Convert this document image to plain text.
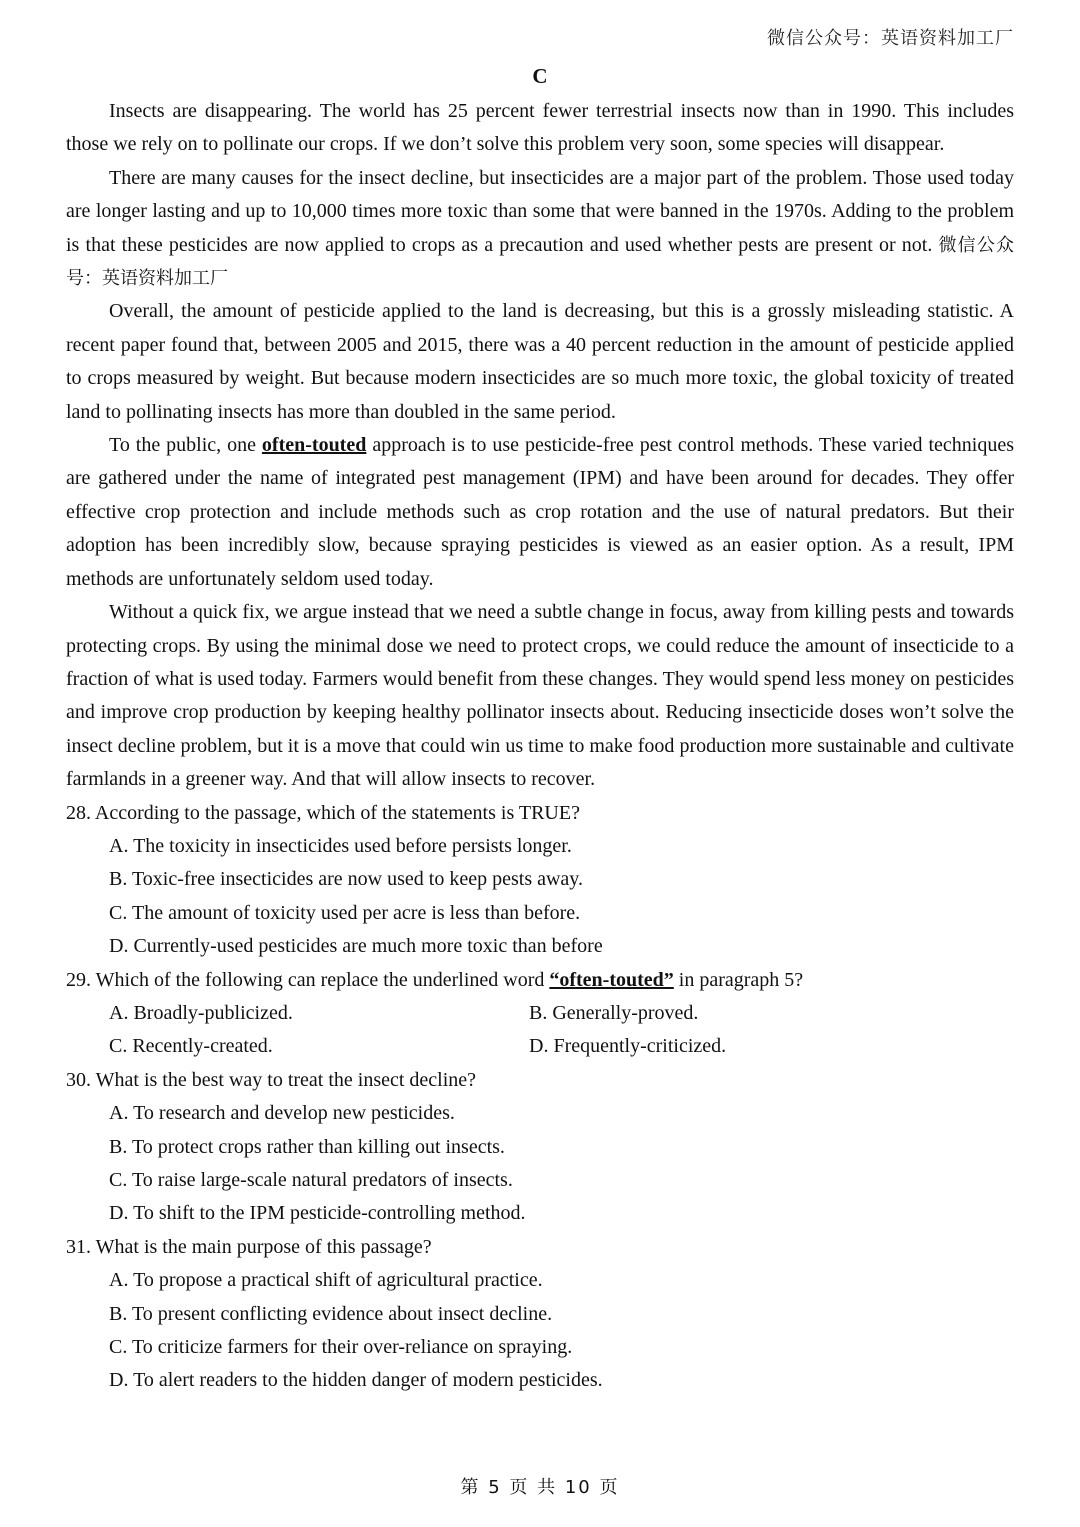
微信公众号：英语资料加工厂
C

Insects are disappearing. The world has 25 percent fewer terrestrial insects now than in 1990. This includes those we rely on to pollinate our crops. If we don’t solve this problem very soon, some species will disappear.

There are many causes for the insect decline, but insecticides are a major part of the problem. Those used today are longer lasting and up to 10,000 times more toxic than some that were banned in the 1970s. Adding to the problem is that these pesticides are now applied to crops as a precaution and used whether pests are present or not. 微信公众号：英语资料加工厂

Overall, the amount of pesticide applied to the land is decreasing, but this is a grossly misleading statistic. A recent paper found that, between 2005 and 2015, there was a 40 percent reduction in the amount of pesticide applied to crops measured by weight. But because modern insecticides are so much more toxic, the global toxicity of treated land to pollinating insects has more than doubled in the same period.

To the public, one often-touted approach is to use pesticide-free pest control methods. These varied techniques are gathered under the name of integrated pest management (IPM) and have been around for decades. They offer effective crop protection and include methods such as crop rotation and the use of natural predators. But their adoption has been incredibly slow, because spraying pesticides is viewed as an easier option. As a result, IPM methods are unfortunately seldom used today.

Without a quick fix, we argue instead that we need a subtle change in focus, away from killing pests and towards protecting crops. By using the minimal dose we need to protect crops, we could reduce the amount of insecticide to a fraction of what is used today. Farmers would benefit from these changes. They would spend less money on pesticides and improve crop production by keeping healthy pollinator insects about. Reducing insecticide doses won’t solve the insect decline problem, but it is a move that could win us time to make food production more sustainable and cultivate farmlands in a greener way. And that will allow insects to recover.

28. According to the passage, which of the statements is TRUE?

A. The toxicity in insecticides used before persists longer.

B. Toxic-free insecticides are now used to keep pests away.

C. The amount of toxicity used per acre is less than before.

D. Currently-used pesticides are much more toxic than before

29. Which of the following can replace the underlined word “often-touted” in paragraph 5?

A. Broadly-publicized.	B. Generally-proved.
C. Recently-created.	D. Frequently-criticized.

30. What is the best way to treat the insect decline?

A. To research and develop new pesticides.

B. To protect crops rather than killing out insects.

C. To raise large-scale natural predators of insects.

D. To shift to the IPM pesticide-controlling method.

31. What is the main purpose of this passage?

A. To propose a practical shift of agricultural practice.

B. To present conflicting evidence about insect decline.

C. To criticize farmers for their over-reliance on spraying.

D. To alert readers to the hidden danger of modern pesticides.

第 5 页 共 10 页
